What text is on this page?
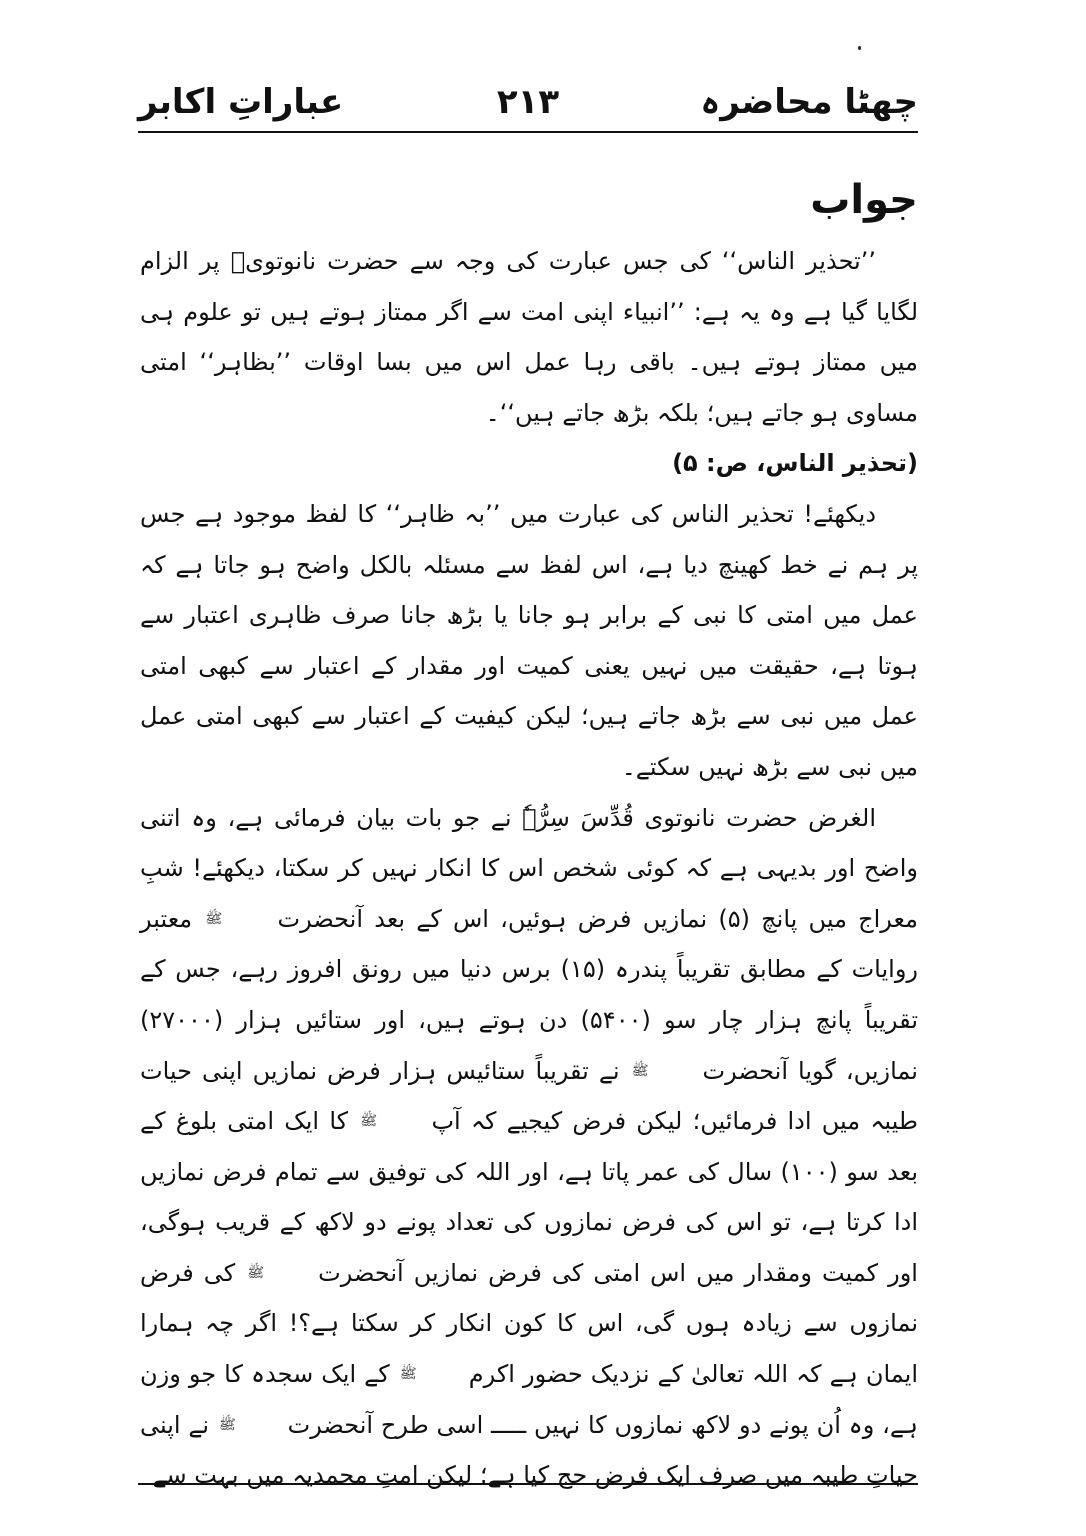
چھٹا محاضرہ
۲۱۳
عباراتِ اکابر
جواب

’’تحذیر الناس‘‘ کی جس عبارت کی وجہ سے حضرت نانوتویؒ پر الزام لگایا گیا ہے وہ یہ ہے: ’’انبیاء اپنی امت سے اگر ممتاز ہوتے ہیں تو علوم ہی میں ممتاز ہوتے ہیں۔ باقی رہا عمل اس میں بسا اوقات ’’بظاہر‘‘ امتی مساوی ہو جاتے ہیں؛ بلکہ بڑھ جاتے ہیں‘‘۔

(تحذیر الناس، ص: ۵)

دیکھئے! تحذیر الناس کی عبارت میں ’’بہ ظاہر‘‘ کا لفظ موجود ہے جس پر ہم نے خط کھینچ دیا ہے، اس لفظ سے مسئلہ بالکل واضح ہو جاتا ہے کہ عمل میں امتی کا نبی کے برابر ہو جانا یا بڑھ جانا صرف ظاہری اعتبار سے ہوتا ہے، حقیقت میں نہیں یعنی کمیت اور مقدار کے اعتبار سے کبھی امتی عمل میں نبی سے بڑھ جاتے ہیں؛ لیکن کیفیت کے اعتبار سے کبھی امتی عمل میں نبی سے بڑھ نہیں سکتے۔

الغرض حضرت نانوتوی قُدِّسَ سِرُّہٗ نے جو بات بیان فرمائی ہے، وہ اتنی واضح اور بدیہی ہے کہ کوئی شخص اس کا انکار نہیں کر سکتا، دیکھئے! شبِ معراج میں پانچ (۵) نمازیں فرض ہوئیں، اس کے بعد آنحضرت ﷺ معتبر روایات کے مطابق تقریباً پندرہ (۱۵) برس دنیا میں رونق افروز رہے، جس کے تقریباً پانچ ہزار چار سو (۵۴۰۰) دن ہوتے ہیں، اور ستائیں ہزار (۲۷۰۰۰) نمازیں، گویا آنحضرت ﷺ نے تقریباً ستائیس ہزار فرض نمازیں اپنی حیات طیبہ میں ادا فرمائیں؛ لیکن فرض کیجیے کہ آپ ﷺ کا ایک امتی بلوغ کے بعد سو (۱۰۰) سال کی عمر پاتا ہے، اور اللہ کی توفیق سے تمام فرض نمازیں ادا کرتا ہے، تو اس کی فرض نمازوں کی تعداد پونے دو لاکھ کے قریب ہوگی، اور کمیت ومقدار میں اس امتی کی فرض نمازیں آنحضرت ﷺ کی فرض نمازوں سے زیادہ ہوں گی، اس کا کون انکار کر سکتا ہے؟! اگر چہ ہمارا ایمان ہے کہ اللہ تعالیٰ کے نزدیک حضور اکرم ﷺ کے ایک سجدہ کا جو وزن ہے، وہ اُن پونے دو لاکھ نمازوں کا نہیں ـــــ اسی طرح آنحضرت ﷺ نے اپنی حیاتِ طیبہ میں صرف ایک فرض حج کیا ہے؛ لیکن امتِ محمدیہ میں بہت سے
